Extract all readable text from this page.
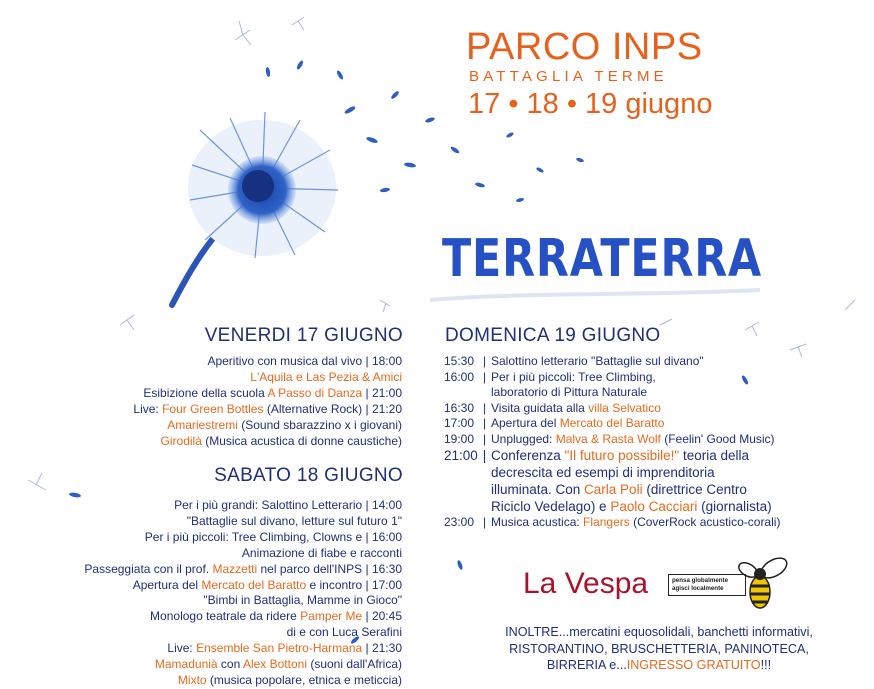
PARCO INPS
BATTAGLIA TERME
17 • 18 • 19 giugno
TERRATERRA
VENERDI 17 GIUGNO
Aperitivo con musica dal vivo | 18:00
L'Aquila e Las Pezia & Amici
Esibizione della scuola A Passo di Danza | 21:00
Live: Four Green Bottles (Alternative Rock) | 21:20
Amariestremi (Sound sbarazzino x i giovani)
Girodilà (Musica acustica di donne caustiche)
SABATO 18 GIUGNO
Per i più grandi: Salottino Letterario | 14:00
"Battaglie sul divano, letture sul futuro 1"
Per i più piccoli: Tree Climbing, Clowns e | 16:00
Animazione di fiabe e racconti
Passeggiata con il prof. Mazzetti nel parco dell'INPS | 16:30
Apertura del Mercato del Baratto e incontro | 17:00
"Bimbi in Battaglia, Mamme in Gioco"
Monologo teatrale da ridere Pamper Me | 20:45
di e con Luca Serafini
Live: Ensemble San Pietro-Harmana | 21:30
Mamadunià con Alex Bottoni (suoni dall'Africa)
Mixto (musica popolare, etnica e meticcia)
DOMENICA 19 GIUGNO
15:30 | Salottino letterario "Battaglie sul divano"
16:00 | Per i più piccoli: Tree Climbing,
laboratorio di Pittura Naturale
16:30 | Visita guidata alla villa Selvatico
17:00 | Apertura del Mercato del Baratto
19:00 | Unplugged: Malva & Rasta Wolf (Feelin' Good Music)
21:00 | Conferenza "Il futuro possibile!" teoria della
decrescita ed esempi di imprenditoria
illuminata. Con Carla Poli (direttrice Centro
Riciclo Vedelago) e Paolo Cacciari (giornalista)
23:00 | Musica acustica: Flangers (CoverRock acustico-corali)
La Vespa	pensa globalmente
agisci localmente
INOLTRE...mercatini equosolidali, banchetti informativi,
RISTORANTINO, BRUSCHETTERIA, PANINOTECA,
BIRRERIA e...INGRESSO GRATUITO!!!
